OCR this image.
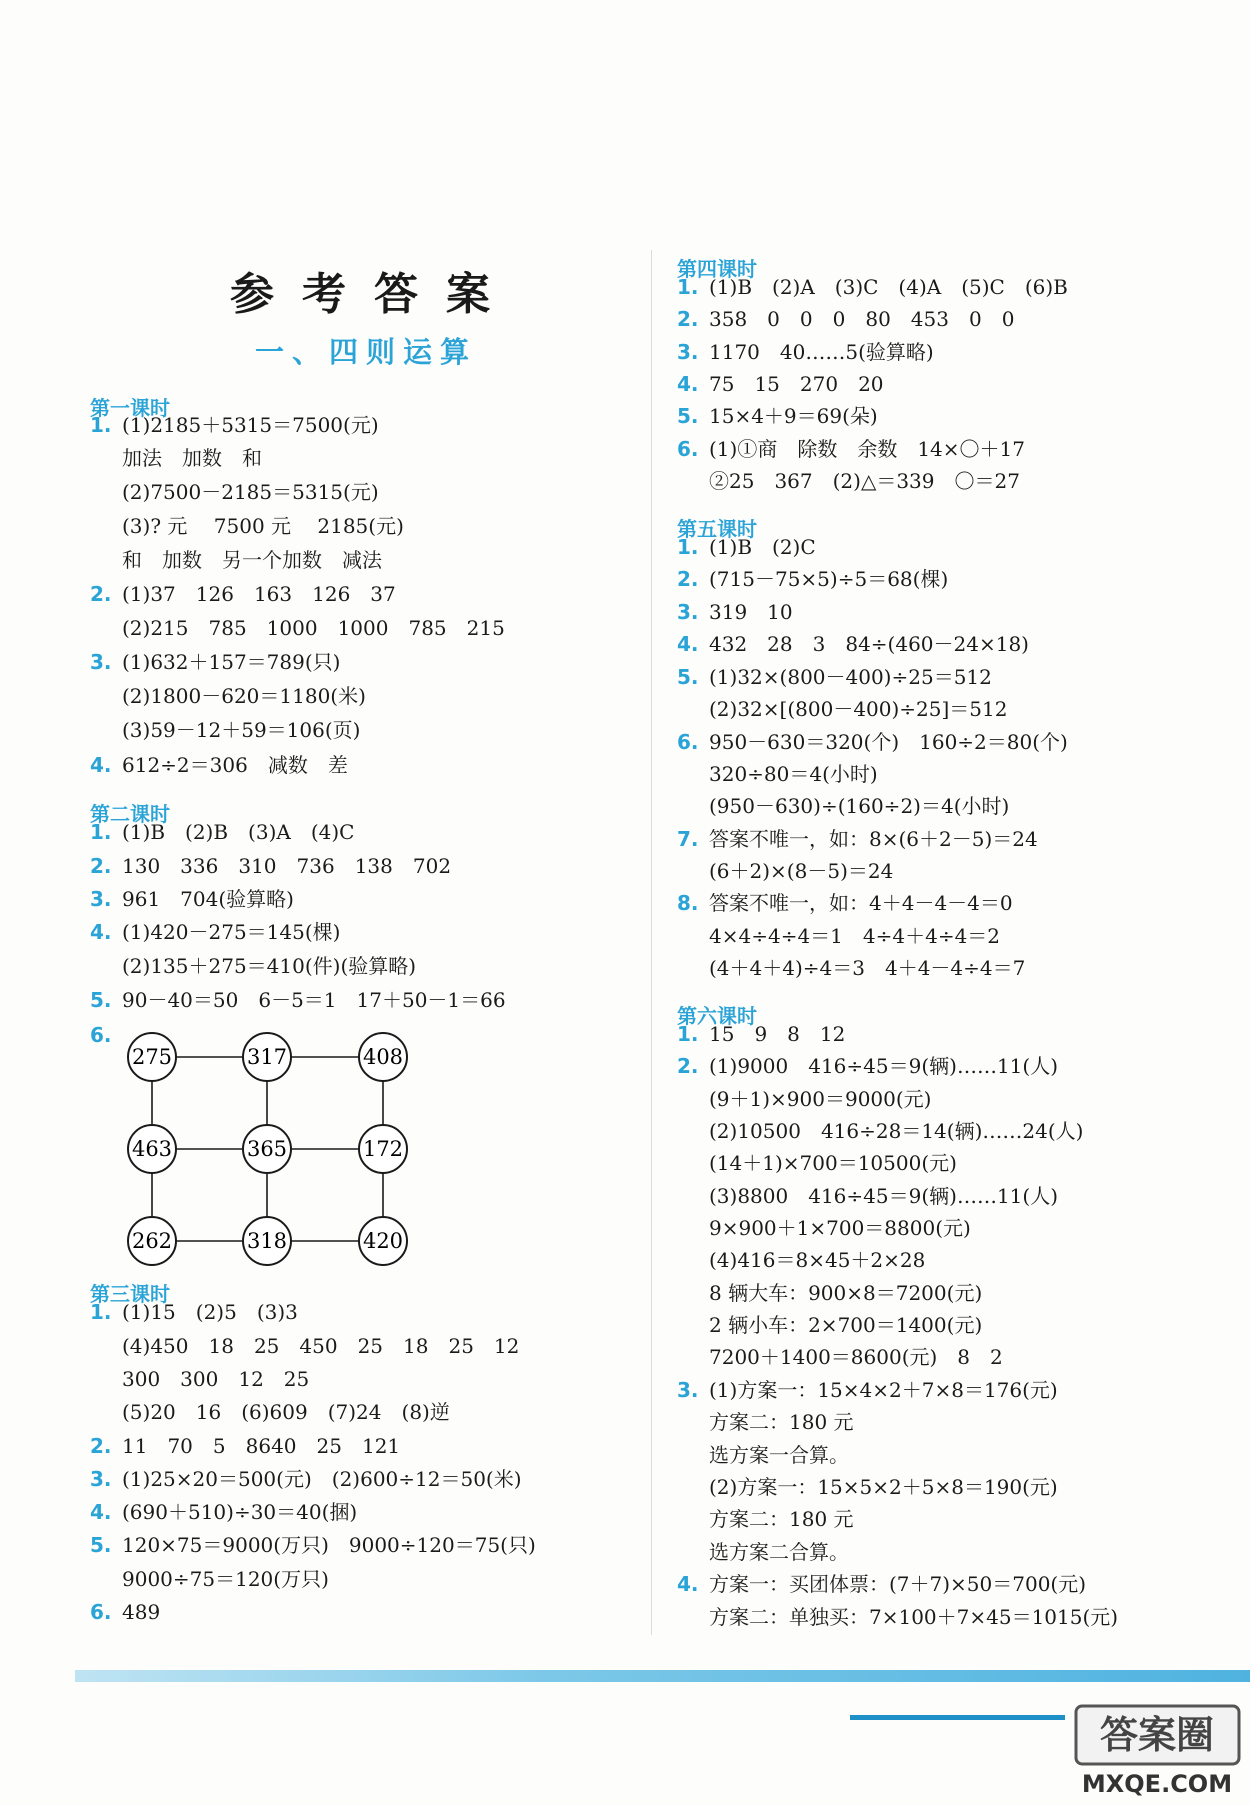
参考答案
一、四则运算
第一课时
第二课时
第三课时
第四课时
第五课时
第六课时
1. (1)2185＋5315＝7500(元)
加法　加数　和
(2)7500－2185＝5315(元)
(3)? 元　 7500 元　 2185(元)
和　加数　另一个加数　减法
2. (1)37　126　163　126　37
(2)215　785　1000　1000　785　215
3. (1)632＋157＝789(只)
(2)1800－620＝1180(米)
(3)59－12＋59＝106(页)
4. 612÷2＝306　减数　差
1. (1)B　(2)B　(3)A　(4)C
2. 130　336　310　736　138　702
3. 961　704(验算略)
4. (1)420－275＝145(棵)
(2)135＋275＝410(件)(验算略)
5. 90－40＝50　6－5＝1　17＋50－1＝66
6.
1. (1)15　(2)5　(3)3
(4)450　18　25　450　25　18　25　12
300　300　12　25
(5)20　16　(6)609　(7)24　(8)逆
2. 11　70　5　8640　25　121
3. (1)25×20＝500(元)　(2)600÷12＝50(米)
4. (690＋510)÷30＝40(捆)
5. 120×75＝9000(万只)　9000÷120＝75(只)
9000÷75＝120(万只)
6. 489
1. (1)B　(2)A　(3)C　(4)A　(5)C　(6)B
2. 358　0　0　0　80　453　0　0
3. 1170　40……5(验算略)
4. 75　15　270　20
5. 15×4＋9＝69(朵)
6. (1)①商　除数　余数　14×〇＋17
②25　367　(2)△＝339　〇＝27
1. (1)B　(2)C
2. (715－75×5)÷5＝68(棵)
3. 319　10
4. 432　28　3　84÷(460－24×18)
5. (1)32×(800－400)÷25＝512
(2)32×[(800－400)÷25]＝512
6. 950－630＝320(个)　160÷2＝80(个)
320÷80＝4(小时)
(950－630)÷(160÷2)＝4(小时)
7. 答案不唯一，如：8×(6＋2－5)＝24
(6＋2)×(8－5)＝24
8. 答案不唯一，如：4＋4－4－4＝0
4×4÷4÷4＝1　4÷4＋4÷4＝2
(4＋4＋4)÷4＝3　4＋4－4÷4＝7
1. 15　9　8　12
2. (1)9000　416÷45＝9(辆)……11(人)
(9＋1)×900＝9000(元)
(2)10500　416÷28＝14(辆)……24(人)
(14＋1)×700＝10500(元)
(3)8800　416÷45＝9(辆)……11(人)
9×900＋1×700＝8800(元)
(4)416＝8×45＋2×28
8 辆大车：900×8＝7200(元)
2 辆小车：2×700＝1400(元)
7200＋1400＝8600(元)　8　2
3. (1)方案一：15×4×2＋7×8＝176(元)
方案二：180 元
选方案一合算。
(2)方案一：15×5×2＋5×8＝190(元)
方案二：180 元
选方案二合算。
4. 方案一：买团体票：(7＋7)×50＝700(元)
方案二：单独买：7×100＋7×45＝1015(元)
275	317	408
463	365	172
262	318	420
答案圈
MXQE.COM
